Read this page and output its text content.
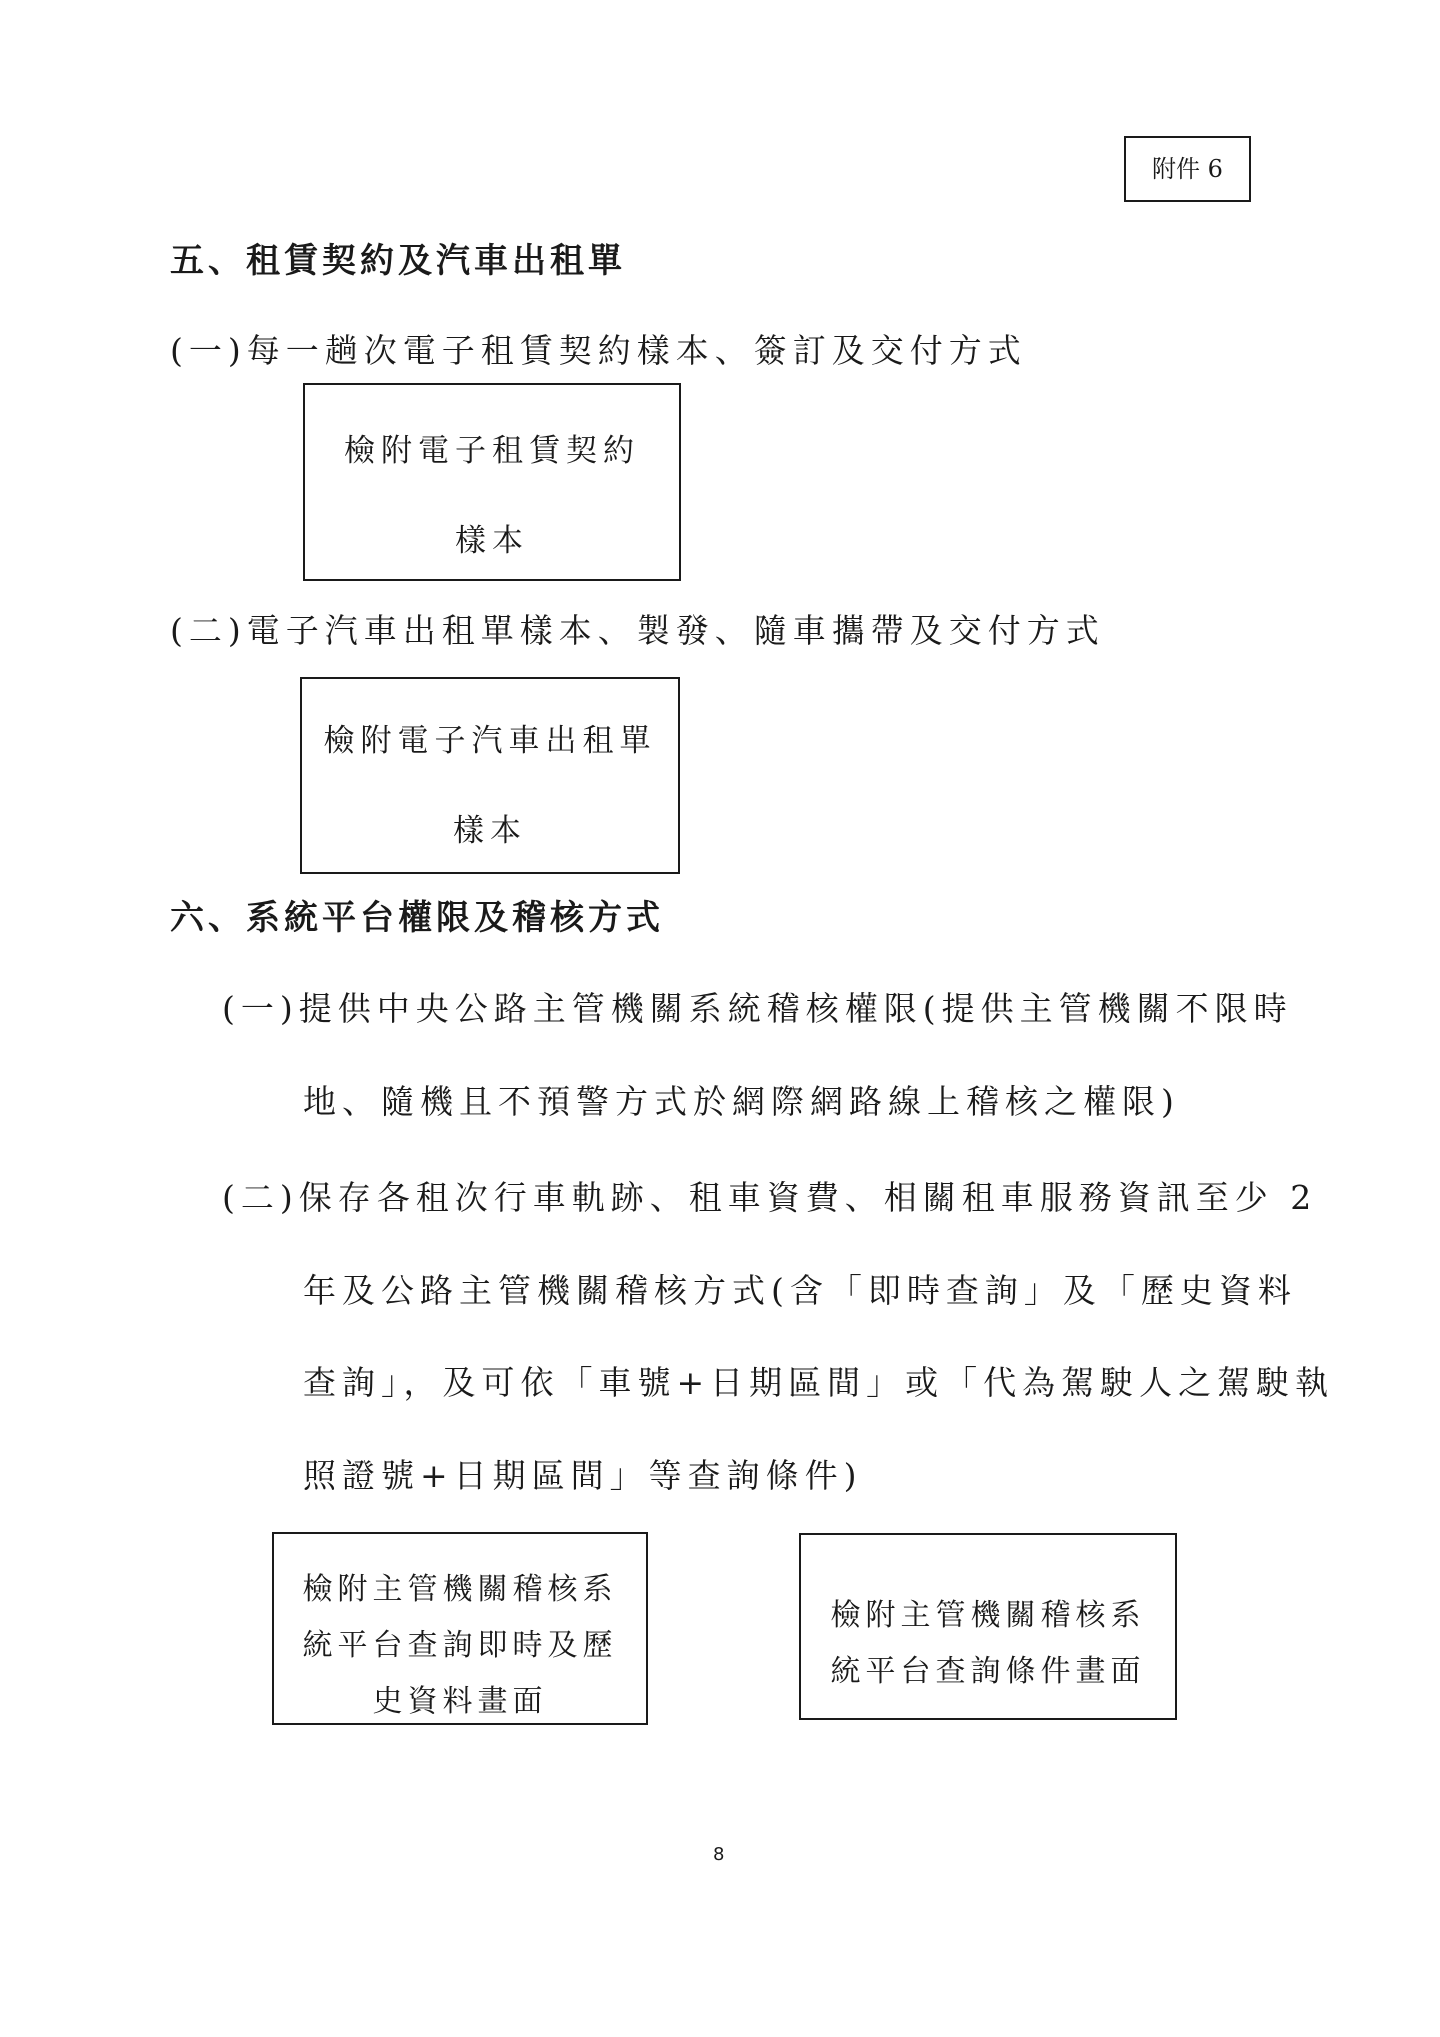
附件 6
五、租賃契約及汽車出租單
(一)每一趟次電子租賃契約樣本、簽訂及交付方式
檢附電子租賃契約
樣本
(二)電子汽車出租單樣本、製發、隨車攜帶及交付方式
檢附電子汽車出租單
樣本
六、系統平台權限及稽核方式
(一)提供中央公路主管機關系統稽核權限(提供主管機關不限時
地、隨機且不預警方式於網際網路線上稽核之權限)
(二)保存各租次行車軌跡、租車資費、相關租車服務資訊至少 2
年及公路主管機關稽核方式(含「即時查詢」及「歷史資料
查詢」，及可依「車號+日期區間」或「代為駕駛人之駕駛執
照證號+日期區間」等查詢條件)
檢附主管機關稽核系
統平台查詢即時及歷
史資料畫面
檢附主管機關稽核系
統平台查詢條件畫面
8
